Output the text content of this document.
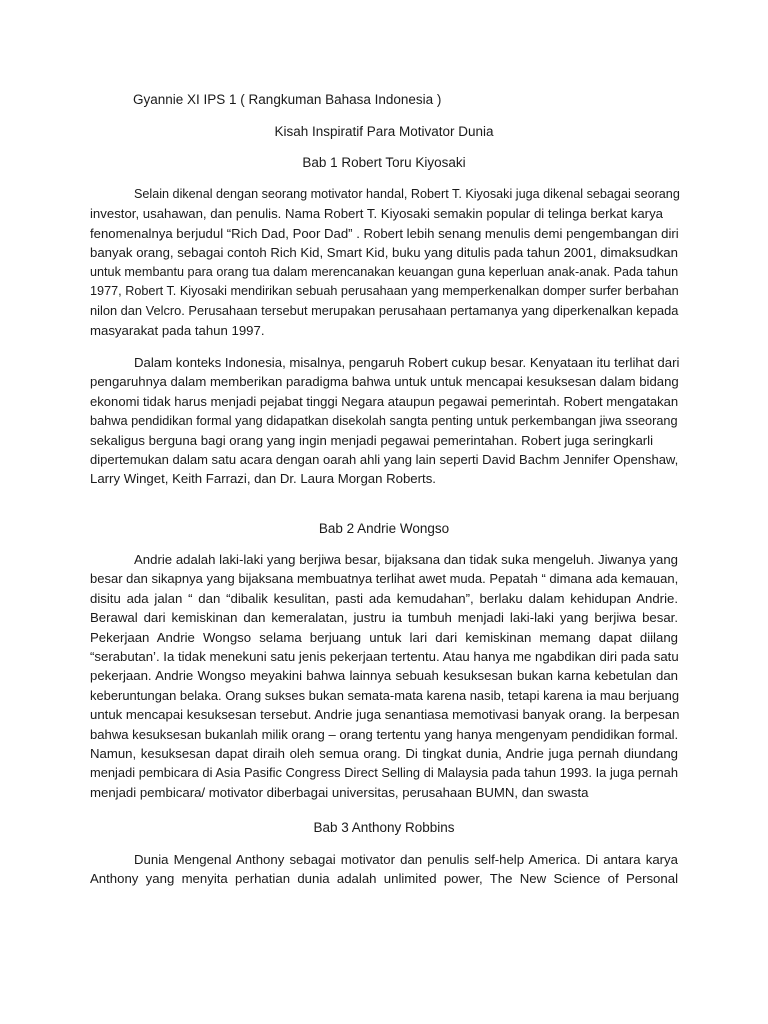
Gyannie XI IPS 1 ( Rangkuman Bahasa Indonesia )
Kisah Inspiratif Para Motivator Dunia
Bab 1 Robert Toru Kiyosaki
Selain dikenal dengan seorang motivator handal, Robert T. Kiyosaki juga dikenal sebagai seorang
investor, usahawan, dan penulis. Nama Robert T. Kiyosaki semakin popular di telinga berkat karya
fenomenalnya berjudul “Rich Dad, Poor Dad” . Robert lebih senang menulis demi pengembangan diri
banyak orang, sebagai contoh Rich Kid, Smart Kid, buku yang ditulis pada tahun 2001, dimaksudkan
untuk membantu para orang tua dalam merencanakan keuangan guna keperluan anak-anak. Pada tahun
1977, Robert T. Kiyosaki mendirikan sebuah perusahaan yang memperkenalkan domper surfer berbahan
nilon dan Velcro. Perusahaan tersebut merupakan perusahaan pertamanya yang diperkenalkan kepada
masyarakat pada tahun 1997.
Dalam konteks Indonesia, misalnya, pengaruh Robert cukup besar. Kenyataan itu terlihat dari
pengaruhnya dalam memberikan paradigma bahwa untuk untuk mencapai kesuksesan dalam bidang
ekonomi tidak harus menjadi pejabat tinggi Negara ataupun pegawai pemerintah. Robert mengatakan
bahwa pendidikan formal yang didapatkan disekolah sangta penting untuk perkembangan jiwa sseorang
sekaligus berguna bagi orang yang ingin menjadi pegawai pemerintahan. Robert juga seringkarli
dipertemukan dalam satu acara dengan oarah ahli yang lain seperti David Bachm Jennifer Openshaw,
Larry Winget, Keith Farrazi, dan Dr. Laura Morgan Roberts.
Bab 2 Andrie Wongso
Andrie adalah laki-laki yang berjiwa besar, bijaksana dan tidak suka mengeluh. Jiwanya yang
besar dan sikapnya yang bijaksana membuatnya terlihat awet muda. Pepatah “ dimana ada kemauan,
disitu ada jalan “ dan “dibalik kesulitan, pasti ada kemudahan”, berlaku dalam kehidupan Andrie.
Berawal dari kemiskinan dan kemeralatan, justru ia tumbuh menjadi laki-laki yang berjiwa besar.
Pekerjaan Andrie Wongso selama berjuang untuk lari dari kemiskinan memang dapat diilang
“serabutan’. Ia tidak menekuni satu jenis pekerjaan tertentu. Atau hanya me ngabdikan diri pada satu
pekerjaan. Andrie Wongso meyakini bahwa lainnya sebuah kesuksesan bukan karna kebetulan dan
keberuntungan belaka. Orang sukses bukan semata-mata karena nasib, tetapi karena ia mau berjuang
untuk mencapai kesuksesan tersebut. Andrie juga senantiasa memotivasi banyak orang. Ia berpesan
bahwa kesuksesan bukanlah milik orang – orang tertentu yang hanya mengenyam pendidikan formal.
Namun, kesuksesan dapat diraih oleh semua orang. Di tingkat dunia, Andrie juga pernah diundang
menjadi pembicara di Asia Pasific Congress Direct Selling di Malaysia pada tahun 1993. Ia juga pernah
menjadi pembicara/ motivator diberbagai universitas, perusahaan BUMN, dan swasta
Bab 3 Anthony Robbins
Dunia Mengenal Anthony sebagai motivator dan penulis self-help America. Di antara karya
Anthony yang menyita perhatian dunia adalah unlimited power, The New Science of Personal
